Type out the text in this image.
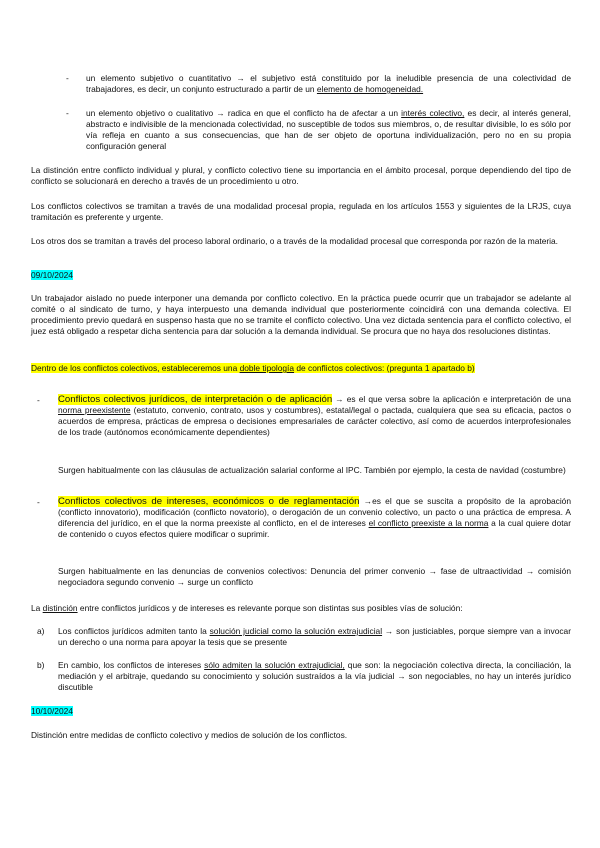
- un elemento subjetivo o cuantitativo → el subjetivo está constituido por la ineludible presencia de una colectividad de trabajadores, es decir, un conjunto estructurado a partir de un elemento de homogeneidad.
- un elemento objetivo o cualitativo → radica en que el conflicto ha de afectar a un interés colectivo, es decir, al interés general, abstracto e indivisible de la mencionada colectividad, no susceptible de todos sus miembros, o, de resultar divisible, lo es sólo por vía refleja en cuanto a sus consecuencias, que han de ser objeto de oportuna individualización, pero no en su propia configuración general
La distinción entre conflicto individual y plural, y conflicto colectivo tiene su importancia en el ámbito procesal, porque dependiendo del tipo de conflicto se solucionará en derecho a través de un procedimiento u otro.
Los conflictos colectivos se tramitan a través de una modalidad procesal propia, regulada en los artículos 1553 y siguientes de la LRJS, cuya tramitación es preferente y urgente.
Los otros dos se tramitan a través del proceso laboral ordinario, o a través de la modalidad procesal que corresponda por razón de la materia.
09/10/2024
Un trabajador aislado no puede interponer una demanda por conflicto colectivo. En la práctica puede ocurrir que un trabajador se adelante al comité o al sindicato de turno, y haya interpuesto una demanda individual que posteriormente coincidirá con una demanda colectiva. El procedimiento previo quedará en suspenso hasta que no se tramite el conflicto colectivo. Una vez dictada sentencia para el conflicto colectivo, el juez está obligado a respetar dicha sentencia para dar solución a la demanda individual. Se procura que no haya dos resoluciones distintas.
Dentro de los conflictos colectivos, estableceremos una doble tipología de conflictos colectivos: (pregunta 1 apartado b)
- Conflictos colectivos jurídicos, de interpretación o de aplicación → es el que versa sobre la aplicación e interpretación de una norma preexistente (estatuto, convenio, contrato, usos y costumbres), estatal/legal o pactada, cualquiera que sea su eficacia, pactos o acuerdos de empresa, prácticas de empresa o decisiones empresariales de carácter colectivo, así como de acuerdos interprofesionales de los trade (autónomos económicamente dependientes)
Surgen habitualmente con las cláusulas de actualización salarial conforme al IPC. También por ejemplo, la cesta de navidad (costumbre)
- Conflictos colectivos de intereses, económicos o de reglamentación →es el que se suscita a propósito de la aprobación (conflicto innovatorio), modificación (conflicto novatorio), o derogación de un convenio colectivo, un pacto o una práctica de empresa. A diferencia del jurídico, en el que la norma preexiste al conflicto, en el de intereses el conflicto preexiste a la norma a la cual quiere dotar de contenido o cuyos efectos quiere modificar o suprimir.
Surgen habitualmente en las denuncias de convenios colectivos: Denuncia del primer convenio → fase de ultraactividad → comisión negociadora segundo convenio → surge un conflicto
La distinción entre conflictos jurídicos y de intereses es relevante porque son distintas sus posibles vías de solución:
a) Los conflictos jurídicos admiten tanto la solución judicial como la solución extrajudicial → son justiciables, porque siempre van a invocar un derecho o una norma para apoyar la tesis que se presente
b) En cambio, los conflictos de intereses sólo admiten la solución extrajudicial, que son: la negociación colectiva directa, la conciliación, la mediación y el arbitraje, quedando su conocimiento y solución sustraídos a la vía judicial → son negociables, no hay un interés jurídico discutible
10/10/2024
Distinción entre medidas de conflicto colectivo y medios de solución de los conflictos.
